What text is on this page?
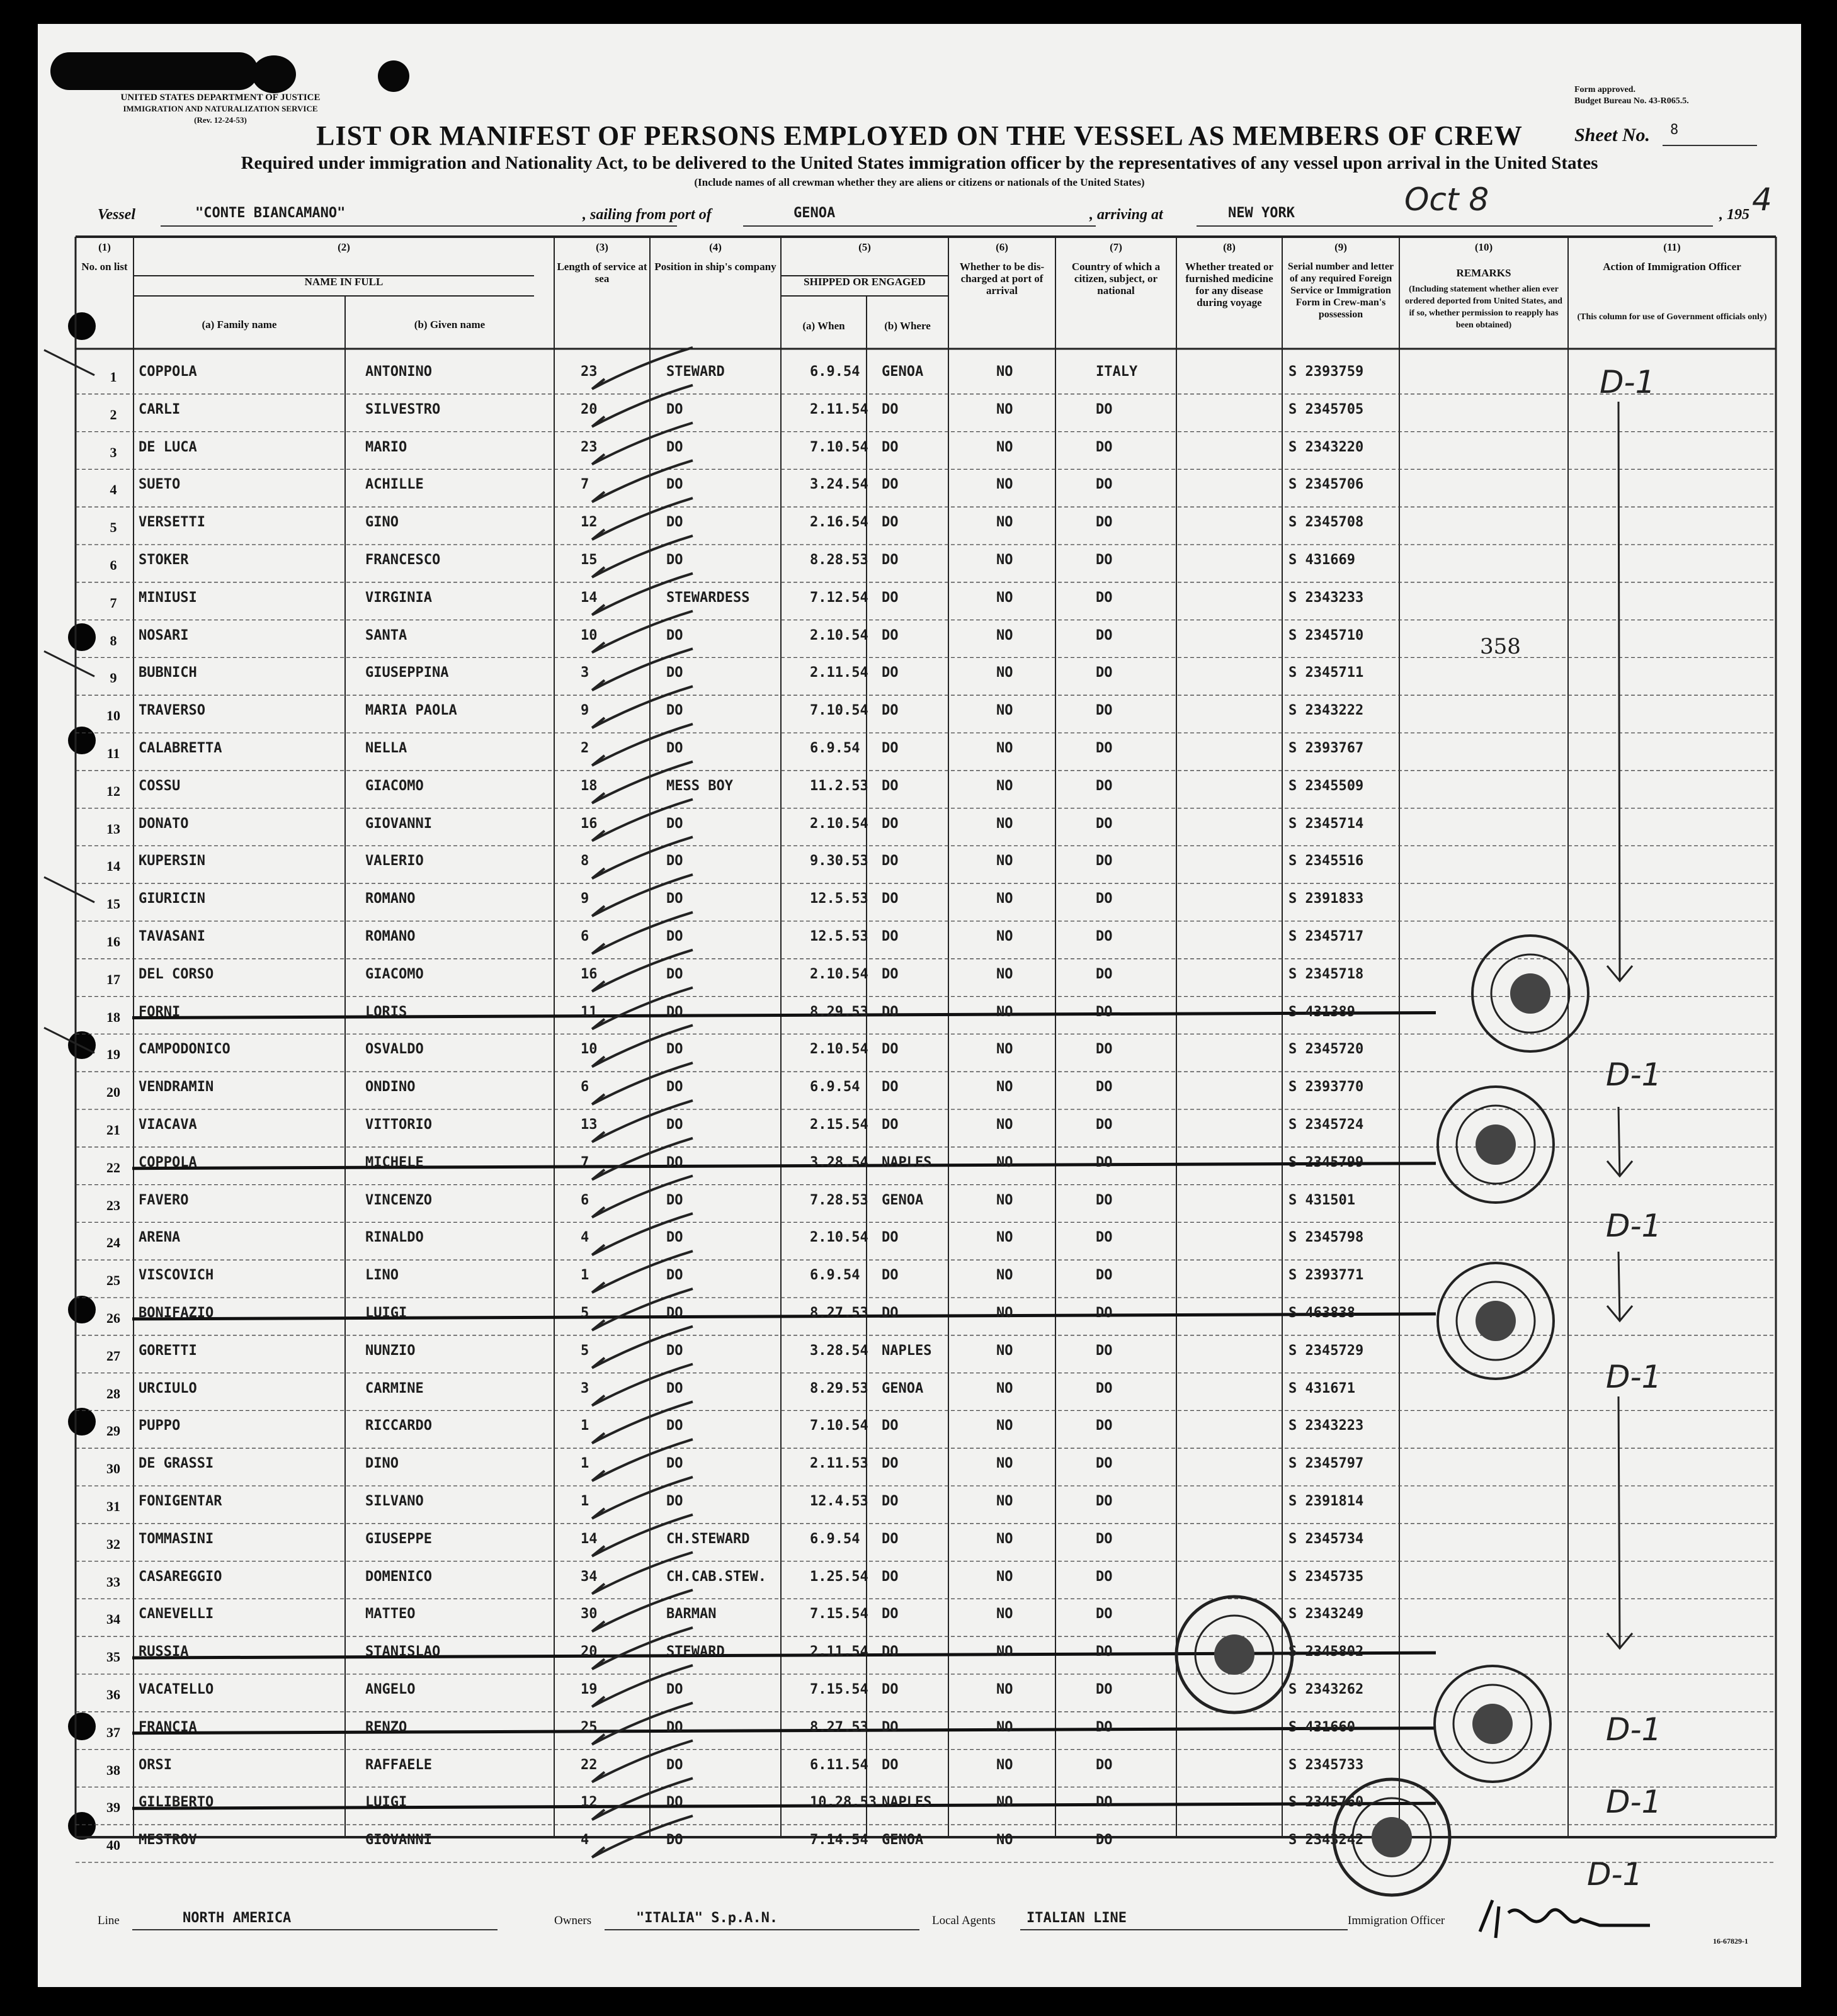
UNITED STATES DEPARTMENT OF JUSTICE
IMMIGRATION AND NATURALIZATION SERVICE
(Rev. 12-24-53)
Form approved.
Budget Bureau No. 43-R065.5.
LIST OR MANIFEST OF PERSONS EMPLOYED ON THE VESSEL AS MEMBERS OF CREW	Sheet No. 8
Required under immigration and Nationality Act, to be delivered to the United States immigration officer by the representatives of any vessel upon arrival in the United States
(Include names of all crewman whether they are aliens or citizens or nationals of the United States)
Vessel	"CONTE BIANCAMANO"	, sailing from port of	GENOA	, arriving at	NEW YORK	Oct 8	, 195 4
(1)
No. on list
(2)
NAME IN FULL
(3)
Length of service at sea
(4)
Position in ship's company
(5)
SHIPPED OR ENGAGED
(6)
Whether to be dis-charged at port of arrival
(7)
Country of which a citizen, subject, or national
(8)
Whether treated or furnished medicine for any disease during voyage
(9)
Serial number and letter of any required Foreign Service or Immigration Form in Crew-man's possession
(10)
REMARKS
(11)
Action of Immigration Officer
(a) Family name	(b) Given name	(a) When	(b) Where
(Including statement whether alien ever ordered deported from United States, and if so, whether permission to reapply has been obtained)
(This column for use of Government officials only)
1	COPPOLA	ANTONINO	23	STEWARD	6.9.54 GENOA	NO	ITALY	S 2393759
2	CARLI	SILVESTRO	20	DO	2.11.54 DO	NO	DO	S 2345705
3	DE LUCA	MARIO	23	DO	7.10.54 DO	NO	DO	S 2343220
4	SUETO	ACHILLE	7	DO	3.24.54 DO	NO	DO	S 2345706
5	VERSETTI	GINO	12	DO	2.16.54 DO	NO	DO	S 2345708
6	STOKER	FRANCESCO	15	DO	8.28.53 DO	NO	DO	S 431669
7	MINIUSI	VIRGINIA	14	STEWARDESS	7.12.54 DO	NO	DO	S 2343233
8	NOSARI	SANTA	10	DO	2.10.54 DO	NO	DO	S 2345710
9	BUBNICH	GIUSEPPINA	3	DO	2.11.54 DO	NO	DO	S 2345711
10	TRAVERSO	MARIA PAOLA	9	DO	7.10.54 DO	NO	DO	S 2343222
11	CALABRETTA	NELLA	2	DO	6.9.54 DO	NO	DO	S 2393767
12	COSSU	GIACOMO	18	MESS BOY	11.2.53 DO	NO	DO	S 2345509
13	DONATO	GIOVANNI	16	DO	2.10.54 DO	NO	DO	S 2345714
14	KUPERSIN	VALERIO	8	DO	9.30.53 DO	NO	DO	S 2345516
15	GIURICIN	ROMANO	9	DO	12.5.53 DO	NO	DO	S 2391833
16	TAVASANI	ROMANO	6	DO	12.5.53 DO	NO	DO	S 2345717
17	DEL CORSO	GIACOMO	16	DO	2.10.54 DO	NO	DO	S 2345718
18	FORNI	LORIS	11	DO	8.29.53 DO	NO	DO	S 431389
19	CAMPODONICO	OSVALDO	10	DO	2.10.54 DO	NO	DO	S 2345720
20	VENDRAMIN	ONDINO	6	DO	6.9.54 DO	NO	DO	S 2393770
21	VIACAVA	VITTORIO	13	DO	2.15.54 DO	NO	DO	S 2345724
22	COPPOLA	MICHELE	7	DO	3.28.54 NAPLES	NO	DO	S 2345799
23	FAVERO	VINCENZO	6	DO	7.28.53 GENOA	NO	DO	S 431501
24	ARENA	RINALDO	4	DO	2.10.54 DO	NO	DO	S 2345798
25	VISCOVICH	LINO	1	DO	6.9.54 DO	NO	DO	S 2393771
26	BONIFAZIO	LUIGI	5	DO	8.27.53 DO	NO	DO	S 463838
27	GORETTI	NUNZIO	5	DO	3.28.54 NAPLES	NO	DO	S 2345729
28	URCIULO	CARMINE	3	DO	8.29.53 GENOA	NO	DO	S 431671
29	PUPPO	RICCARDO	1	DO	7.10.54 DO	NO	DO	S 2343223
30	DE GRASSI	DINO	1	DO	2.11.53 DO	NO	DO	S 2345797
31	FONIGENTAR	SILVANO	1	DO	12.4.53 DO	NO	DO	S 2391814
32	TOMMASINI	GIUSEPPE	14	CH.STEWARD	6.9.54 DO	NO	DO	S 2345734
33	CASAREGGIO	DOMENICO	34	CH.CAB.STEW.	1.25.54 DO	NO	DO	S 2345735
34	CANEVELLI	MATTEO	30	BARMAN	7.15.54 DO	NO	DO	S 2343249
35	RUSSIA	STANISLAO	20	STEWARD	2.11.54 DO	NO	DO	S 2345802
36	VACATELLO	ANGELO	19	DO	7.15.54 DO	NO	DO	S 2343262
37	FRANCIA	RENZO	25	DO	8.27.53 DO	NO	DO	S 431660
38	ORSI	RAFFAELE	22	DO	6.11.54 DO	NO	DO	S 2345733
39	GILIBERTO	LUIGI	12	DO	10.28.53 NAPLES	NO	DO	S 2345760
40	MESTROV	GIOVANNI	4	DO	7.14.54 GENOA	NO	DO	S 2343242
358
D-1
D-1
D-1
D-1
D-1
D-1
D-1
Line	NORTH AMERICA	Owners	"ITALIA" S.p.A.N.	Local Agents ITALIAN LINE	Immigration Officer
16-67829-1
